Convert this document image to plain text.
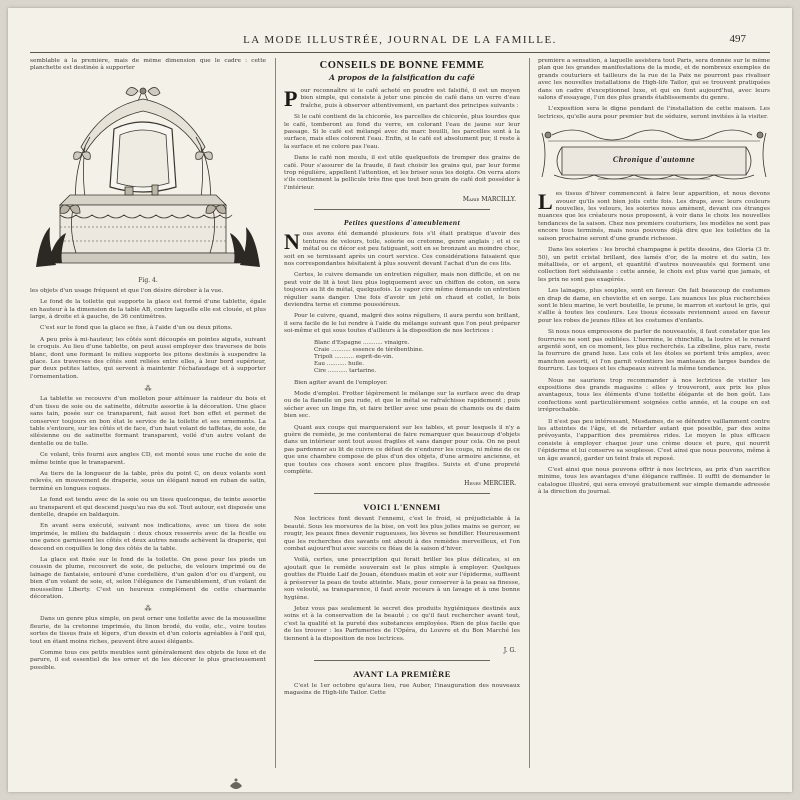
LA MODE ILLUSTRÉE, JOURNAL DE LA FAMILLE.	497

semblable à la première, mais de même dimension que le cadre : cette planchette est destinée à supporter

Fig. 4.

les objets d'un usage fréquent et que l'on désire dérober à la vue.

Le fond de la toilette qui supporte la glace est formé d'une tablette, égale en hauteur à la dimension de la table AB, contre laquelle elle est clouée, et plus large, à droite et à gauche, de 36 centimètres.

C'est sur le fond que la glace se fixe, à l'aide d'un ou deux pitons.

A peu près à mi-hauteur, les côtés sont découpés en pointes aiguës, suivant le croquis. Au lieu d'une tablette, on peut aussi employer des traverses de bois blanc, dont une formant le milieu supporte les pitons destinés à suspendre la glace. Les traverses des côtés sont reliées entre elles, à leur bord supérieur, par deux petites lattes, qui servent à maintenir l'échafaudage et à supporter l'ornementation.

⁂

La tablette se recouvre d'un molleton pour atténuer la raideur du bois et d'un tissu de soie ou de satinette, détruite assortie à la décoration. Une glace sans tain, posée sur ce transparent, fait aussi fort bon effet et permet de conserver toujours en bon état le service de la toilette et ses ornements. La table s'entoure, sur les côtés et de face, d'un haut volant de taffetas, de soie, de silésienne ou de satinette formant transparent, voilé d'un autre volant de dentelle ou de tulle.

Ce volant, très fourni aux angles CD, est monté sous une ruche de soie de même teinte que le transparent.

Au tiers de la longueur de la table, près du point C, on deux volants sont relevés, en mouvement de draperie, sous un élégant nœud en ruban de satin, terminé en longues coques.

Le fond est tendu avec de la soie ou un tissu quelconque, de teinte assortie au transparent et qui descend jusqu'au ras du sol. Tout autour, est disposée une dentelle, drapée en baldaquin.

En avant sera exécuté, suivant nos indications, avec un tissu de soie imprimée, le milieu du baldaquin : deux choux resserrés avec de la ficelle ou une gance garnissent les côtés et deux autres nœuds achèvent la draperie, qui descend en coquilles le long des côtés de la table.

La glace est fixée sur le fond de la toilette. On pose pour les pieds un coussin de plume, recouvert de soie, de peluche, de velours imprimé ou de lainage de fantaisie, entouré d'une cordelière, d'un galon d'or ou d'argent, ou bien d'un volant de soie, et, selon l'élégance de l'ameublement, d'un volant de mousseline Liberty. C'est un heureux complément de cette charmante décoration.

⁂

Dans un genre plus simple, on peut orner une toilette avec de la mousseline fleurie, de la cretonne imprimée, du linon brodé, du voile, etc., voire toutes sortes de tissus frais et légers, d'un dessin et d'un coloris agréables à l'œil qui, tout en étant moins riches, peuvent être aussi élégants.

Comme tous ces petits meubles sont généralement des objets de luxe et de parure, il est essentiel de les orner et de les décorer le plus gracieusement possible.

CONSEILS DE BONNE FEMME
A propos de la falsification du café

Pour reconnaître si le café acheté en poudre est falsifié, il est un moyen bien simple, qui consiste à jeter une pincée de café dans un verre d'eau fraîche, puis à observer attentivement, en partant des principes suivants :

Si le café contient de la chicorée, les parcelles de chicorée, plus lourdes que le café, tomberont au fond du verre, en colorant l'eau de jaune sur leur passage. Si le café est mélangé avec du marc bouilli, les parcelles sont à la surface, mais elles colorent l'eau. Enfin, si le café est absolument pur, il reste à la surface et ne colore pas l'eau.

Dans le café non moulu, il est utile quelquefois de tremper des grains de café. Pour s'assurer de la fraude, il faut choisir les grains qui, par leur forme trop régulière, appellent l'attention, et les briser sous les doigts. On verra alors s'ils contiennent la pellicule très fine que tout bon grain de café doit posséder à l'intérieur.

Marie MARCILLY.
Petites questions d'ameublement

Nous avons été demandé plusieurs fois s'il était pratique d'avoir des tentures de velours, toile, soierie ou cretonne, genre anglais ; et si ce métal ou ce décor est peu fatiguant, soit en se bronzant au moindre choc, soit en se ternissant après un court service. Ces considérations faisaient que nos correspondantes hésitaient à plus souvent devant l'achat d'un de ces lits.

Certes, le cuivre demande un entretien régulier, mais non difficile, et on ne peut voir de lit à tout lieu plus logiquement avec un chiffon de coton, on sera toujours au lit de métal, quelquefois. Le vapor cire même demande un entretien régulier sans danger. Une fois d'avoir un jeté on chaud et collet, le bois deviendra terne et comme poussiéreux.

Pour le cuivre, quand, malgré des soins réguliers, il aura perdu son brillant, il sera facile de le lui rendre à l'aide du mélange suivant que l'on peut préparer soi-même et qui sous toutes d'ailleurs à la disposition de nos lectrices :

Blanc d'Espagne ........... vinaigre.
Craie ........... essence de térébenthine.
Tripoli ........... esprit-de-vin.
Eau ........... huile.
Cire ........... tartarine.

Bien agiter avant de l'employer.

Mode d'emploi. Frotter légèrement le mélange sur la surface avec du drap ou de la flanelle un peu rude, et que le métal se rafraîchisse rapidement ; puis sécher avec un linge fin, et faire briller avec une peau de chamois ou de daim bien sec.

Quant aux coups qui marqueraient sur les tables, et pour lesquels il n'y a guère de remède, je me contenterai de faire remarquer que beaucoup d'objets dans un intérieur sont tout aussi fragiles et sans danger pour cela. On ne peut pas pardonner au lit de cuivre ce défaut de n'endurer les coups, ni même de ce que une chambre compose de plus d'un des objets, d'une armoire ancienne, et que toutes ces choses sont encore plus fragiles. Suivis et d'une propreté complète.

Henry MERCIER.
VOICI L'ENNEMI

Nos lectrices font devant l'ennemi, c'est le froid, si préjudiciable à la beauté. Sous les morsures de la bise, on voit les plus jolies mains se gercer, se rougir, les peaux fines devenir rugueuses, les lèvres se fendiller. Heureusement que les recherches des savants ont abouti à des remèdes merveilleux, et l'on combat aujourd'hui avec succès ce fléau de la saison d'hiver.

Voilà, certes, une prescription qui ferait briller les plus délicates, si on ajoutait que le remède souverain est le plus simple à employer. Quelques gouttes de Fluide Laif de Jouan, étendues matin et soir sur l'épiderme, suffisent à préserver la peau de toute atteinte. Mais, pour conserver à la peau sa finesse, son velouté, sa transparence, il faut avoir recours à un lavage et à une bonne hygiène.

Jetez vous pas seulement le secret des produits hygiéniques destinés aux soins et à la conservation de la beauté ; ce qu'il faut rechercher avant tout, c'est la qualité et la pureté des substances employées. Rien de plus facile que de les trouver : les Parfumeries de l'Opéra, du Louvre et du Bon Marché les tiennent à la disposition de nos lectrices.

J. G.
AVANT LA PREMIÈRE

C'est le 1er octobre qu'aura lieu, rue Auber, l'inauguration des nouveaux magasins de High-life Tailor. Cette

première a sensation, à laquelle assistera tout Paris, sera donnée sur le même plan que les grandes manifestations de la mode, et de nombreux exemples de grands couturiers et tailleurs de la rue de la Paix ne pourront pas rivaliser avec les nouvelles installations de High-life Tailor, qui se trouvent pratiquées dans un cadre d'exceptionnel luxe, et qui en font aujourd'hui, avec leurs salons d'essayage, l'un des plus grands établissements du genre.

L'exposition sera le digne pendant de l'installation de cette maison. Les lectrices, qu'elle aura pour premier but de séduire, seront invitées à la visiter.

Chronique d'automne

Les tissus d'hiver commencent à faire leur apparition, et nous devons avouer qu'ils sont bien jolis cette fois. Les draps, avec leurs couleurs nouvelles, les velours, les soieries nous amènent, devant ces étranges nuances que les créateurs nous proposent, à voir dans le choix les nouvelles tendances de la saison. Chez nos premiers couturiers, les modèles ne sont pas encore tous terminés, mais nous pouvons déjà dire que les toilettes de la saison prochaine seront d'une grande richesse.

Dans les soieries : les broché champagne à petits dessins, des Gloria (3 fr. 50), un petit cristal brillant, des lamés d'or, de la moire et du satin, les métallisés, or et argent, et quantité d'autres nouveautés qui forment une collection fort séduisante : cette année, le choix est plus varié que jamais, et les prix ne sont pas exagérés.

Les lainages, plus souples, sont en faveur. On fait beaucoup de costumes en drap de dame, en cheviotte et en serge. Les nuances les plus recherchées sont le bleu marine, le vert bouteille, le prune, le marron et surtout le gris, qui s'allie à toutes les couleurs. Les tissus écossais reviennent aussi en faveur pour les robes de jeunes filles et les costumes d'enfants.

Si nous nous empressons de parler de nouveautés, il faut constater que les fourrures ne sont pas oubliées. L'hermine, le chinchilla, la loutre et le renard argenté sont, en ce moment, les plus recherchés. La zibeline, plus rare, reste la fourrure de grand luxe. Les cols et les étoles se portent très amples, avec manchon assorti, et l'on garnit volontiers les manteaux de larges bandes de fourrure. Les toques et les chapeaux suivent la même tendance.

Nous ne saurions trop recommander à nos lectrices de visiter les expositions des grands magasins : elles y trouveront, aux prix les plus avantageux, tous les éléments d'une toilette élégante et de bon goût. Les confections sont particulièrement soignées cette année, et la coupe en est irréprochable.

Il n'est pas peu intéressant, Mesdames, de se défendre vaillamment contre les atteintes de l'âge, et de retarder autant que possible, par des soins prévoyants, l'apparition des premières rides. Le moyen le plus efficace consiste à employer chaque jour une crème douce et pure, qui nourrit l'épiderme et lui conserve sa souplesse. C'est ainsi que nous pouvons, même à un âge avancé, garder un teint frais et reposé.

C'est ainsi que nous pouvons offrir à nos lectrices, au prix d'un sacrifice minime, tous les avantages d'une élégance raffinée. Il suffit de demander le catalogue illustré, qui sera envoyé gratuitement sur simple demande adressée à la direction du journal.
